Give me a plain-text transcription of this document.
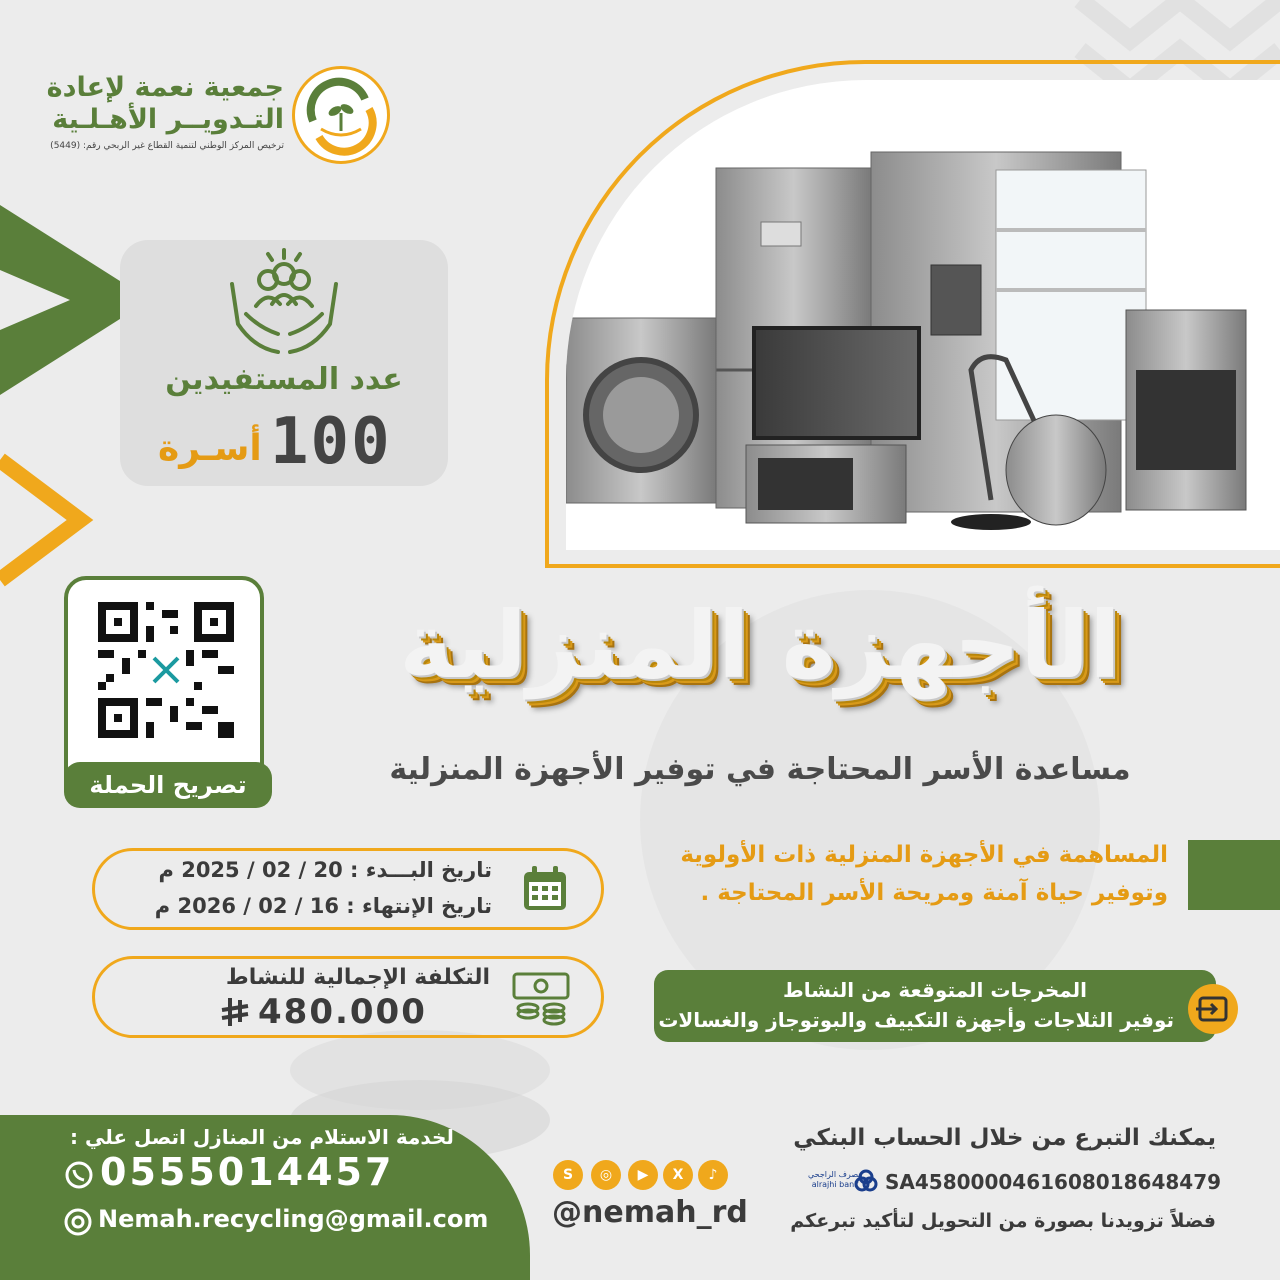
جمعية نعمة لإعادة
التـدويــر الأهـلـية
ترخيص المركز الوطني لتنمية القطاع غير الربحي رقم: (5449)
عدد المستفيدين
100
أسـرة
تصريح الحملة
الأجهزة المنزلية
مساعدة الأسر المحتاجة في توفير الأجهزة المنزلية
المساهمة في الأجهزة المنزلية ذات الأولوية
وتوفير حياة آمنة ومريحة الأسر المحتاجة .
تاريخ البـــدء : 20 / 02 / 2025 م
تاريخ الإنتهاء : 16 / 02 / 2026 م
التكلفة الإجمالية للنشاط
480.000
المخرجات المتوقعة من النشاط
توفير الثلاجات وأجهزة التكييف والبوتوجاز والغسالات
لخدمة الاستلام من المنازل اتصل علي :
0555014457
Nemah.recycling@gmail.com
S	◎	▶	X	♪
@nemah_rd
يمكنك التبرع من خلال الحساب البنكي
مصرف الراجحي
alrajhi bank SA4580000461608018648479
فضلاً تزويدنا بصورة من التحويل لتأكيد تبرعكم
